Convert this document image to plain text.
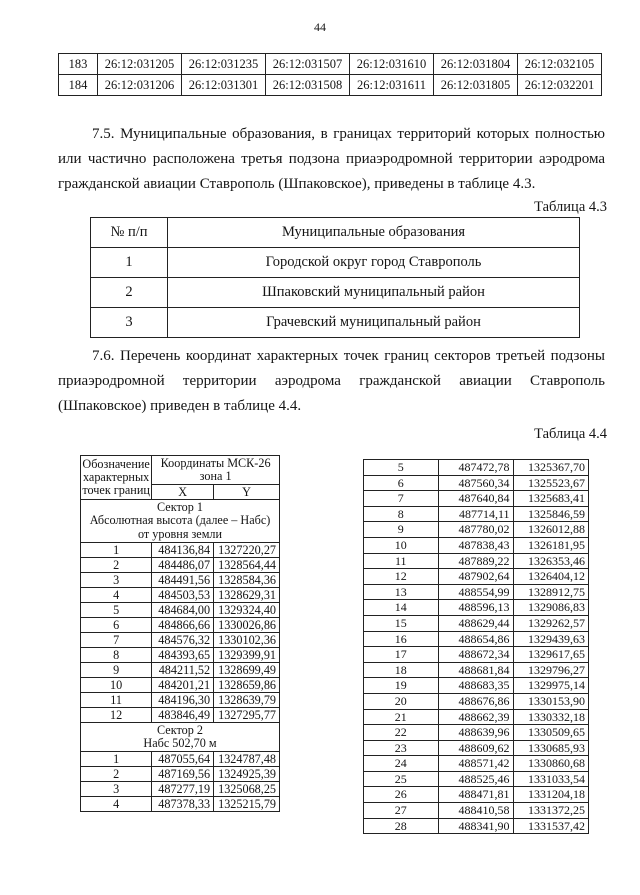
44
183	26:12:031205	26:12:031235	26:12:031507	26:12:031610	26:12:031804	26:12:032105
184	26:12:031206	26:12:031301	26:12:031508	26:12:031611	26:12:031805	26:12:032201
7.5. Муниципальные образования, в границах территорий которых полностью или частично расположена третья подзона приаэродромной территории аэродрома гражданской авиации Ставрополь (Шпаковское), приведены в таблице 4.3.
Таблица 4.3
№ п/п	Муниципальные образования
1	Городской округ город Ставрополь
2	Шпаковский муниципальный район
3	Грачевский муниципальный район
7.6. Перечень координат характерных точек границ секторов третьей подзоны приаэродромной территории аэродрома гражданской авиации Ставрополь (Шпаковское) приведен в таблице 4.4.
Таблица 4.4
Обозначение характерных точек границ	Координаты МСК-26 зона 1	
	X	Y

Сектор 1
Абсолютная высота (далее – Набс)
от уровня земли		

1	484136,84	1327220,27
2	484486,07	1328564,44
3	484491,56	1328584,36
4	484503,53	1328629,31
5	484684,00	1329324,40
6	484866,66	1330026,86
7	484576,32	1330102,36
8	484393,65	1329399,91
9	484211,52	1328699,49
10	484201,21	1328659,86
11	484196,30	1328639,79
12	483846,49	1327295,77

Сектор 2
Набс 502,70 м		

1	487055,64	1324787,48
2	487169,56	1324925,39
3	487277,19	1325068,25
4	487378,33	1325215,79
5	487472,78	1325367,70
6	487560,34	1325523,67
7	487640,84	1325683,41
8	487714,11	1325846,59
9	487780,02	1326012,88
10	487838,43	1326181,95
11	487889,22	1326353,46
12	487902,64	1326404,12
13	488554,99	1328912,75
14	488596,13	1329086,83
15	488629,44	1329262,57
16	488654,86	1329439,63
17	488672,34	1329617,65
18	488681,84	1329796,27
19	488683,35	1329975,14
20	488676,86	1330153,90
21	488662,39	1330332,18
22	488639,96	1330509,65
23	488609,62	1330685,93
24	488571,42	1330860,68
25	488525,46	1331033,54
26	488471,81	1331204,18
27	488410,58	1331372,25
28	488341,90	1331537,42
